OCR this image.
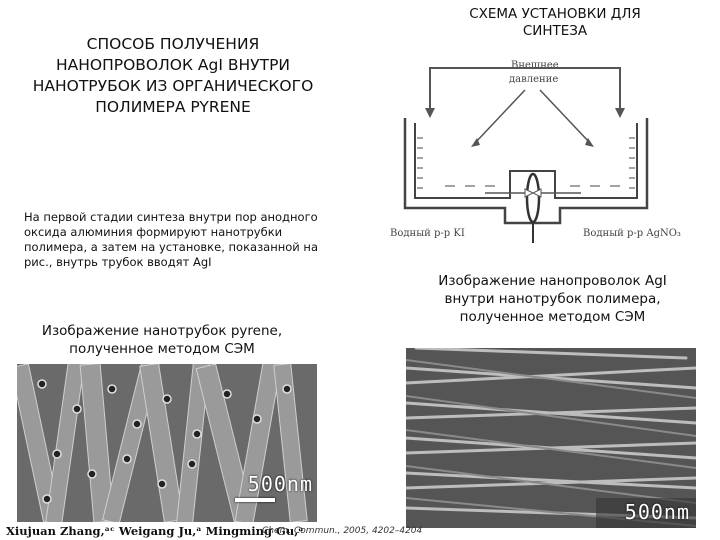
СПОСОБ ПОЛУЧЕНИЯ НАНОПРОВОЛОК AgI ВНУТРИ НАНОТРУБОК ИЗ ОРГАНИЧЕСКОГО ПОЛИМЕРА PYRENE
СХЕМА УСТАНОВКИ ДЛЯ СИНТЕЗА
Внешнее
давление
Водный р-р KI	Водный р-р AgNO₃
На первой стадии синтеза внутри пор анодного оксида алюминия формируют нанотрубки полимера, а затем на установке, показанной на рис., внутрь трубок вводят AgI
Изображение нанотрубок pyrene, полученное методом СЭМ
Изображение нанопроволок AgI внутри нанотрубок полимера, полученное методом СЭМ
500nm
500nm
Xiujuan Zhang,ᵃᶜ Weigang Ju,ᵃ Mingming Gu,ᵃ
Chem. Commun., 2005, 4202–4204
